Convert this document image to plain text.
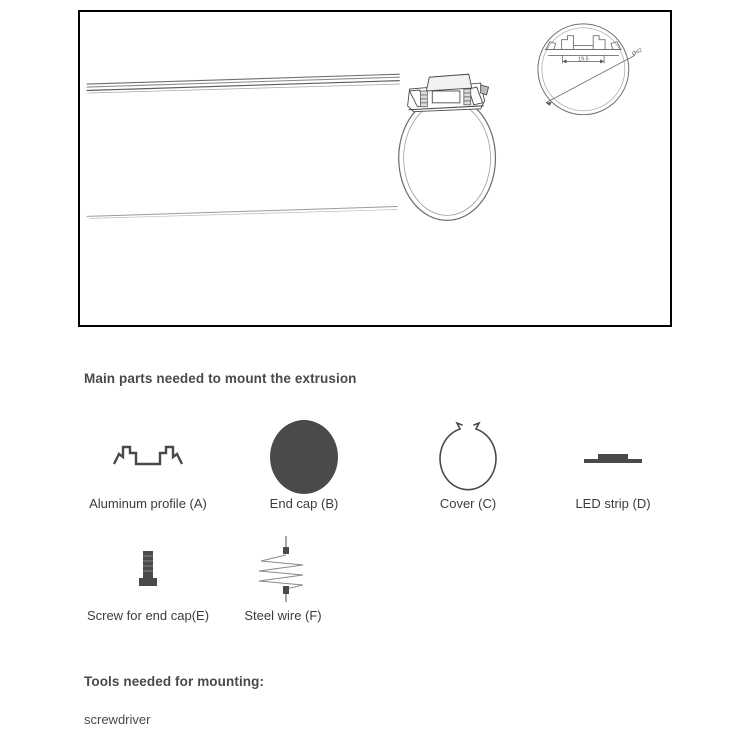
19.5
Ø42
Main parts needed to mount the extrusion
Aluminum profile (A)	End cap (B)	Cover (C)	LED strip (D)
Screw for end cap(E)	Steel wire (F)
Tools needed for mounting:
screwdriver
